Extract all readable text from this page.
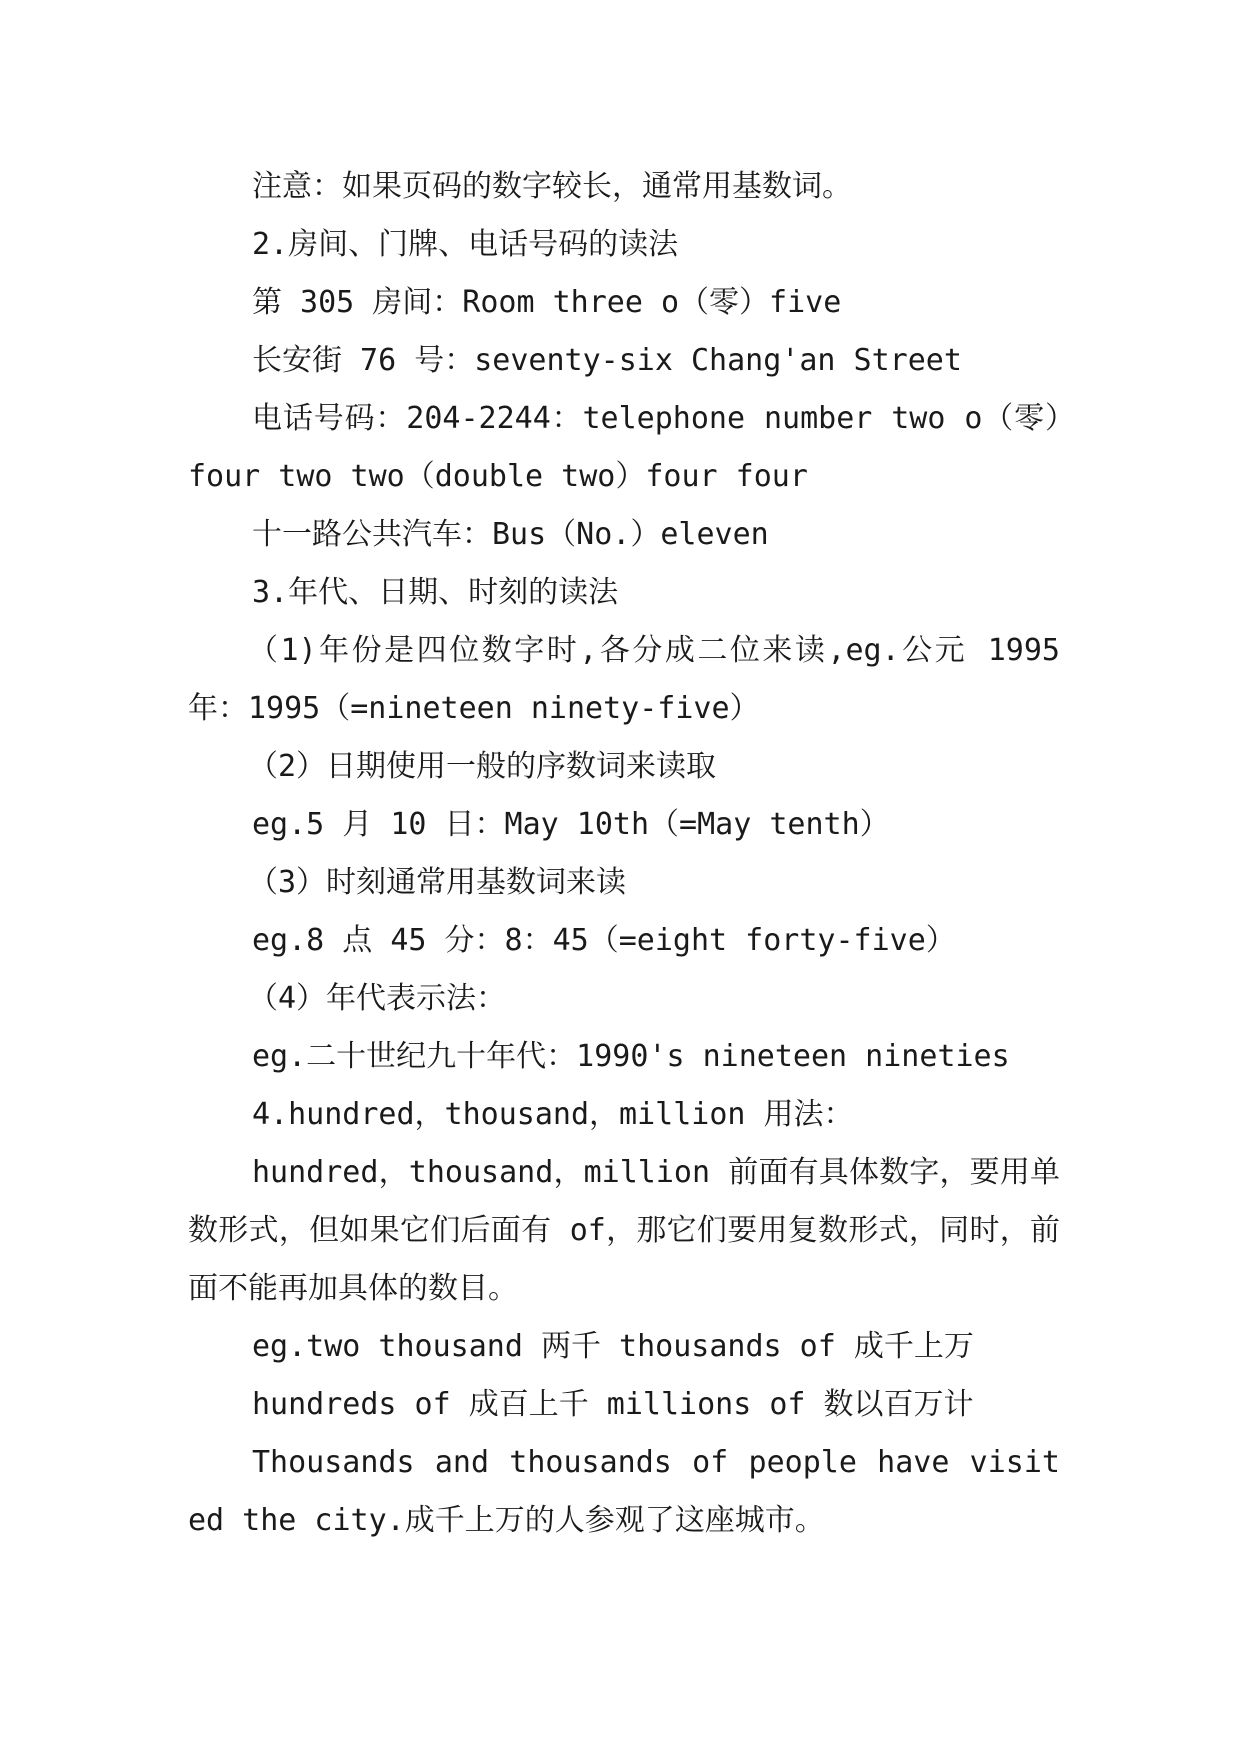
注意：如果页码的数字较长，通常用基数词。

2.房间、门牌、电话号码的读法

第 305 房间：Room three o（零）five

长安街 76 号：seventy-six Chang'an Street

电话号码：204-2244：telephone number two o（零）four two two（double two）four four

十一路公共汽车：Bus（No.）eleven

3.年代、日期、时刻的读法

（1)年份是四位数字时,各分成二位来读,eg.公元 1995 年：1995（=nineteen ninety-five）

（2）日期使用一般的序数词来读取

eg.5 月 10 日：May 10th（=May tenth）

（3）时刻通常用基数词来读

eg.8 点 45 分：8：45（=eight forty-five）

（4）年代表示法：

eg.二十世纪九十年代：1990's nineteen nineties

4.hundred，thousand，million 用法：

hundred，thousand，million 前面有具体数字，要用单数形式，但如果它们后面有 of，那它们要用复数形式，同时，前面不能再加具体的数目。

eg.two thousand 两千 thousands of 成千上万

hundreds of 成百上千 millions of 数以百万计

Thousands and thousands of people have visited the city.成千上万的人参观了这座城市。
